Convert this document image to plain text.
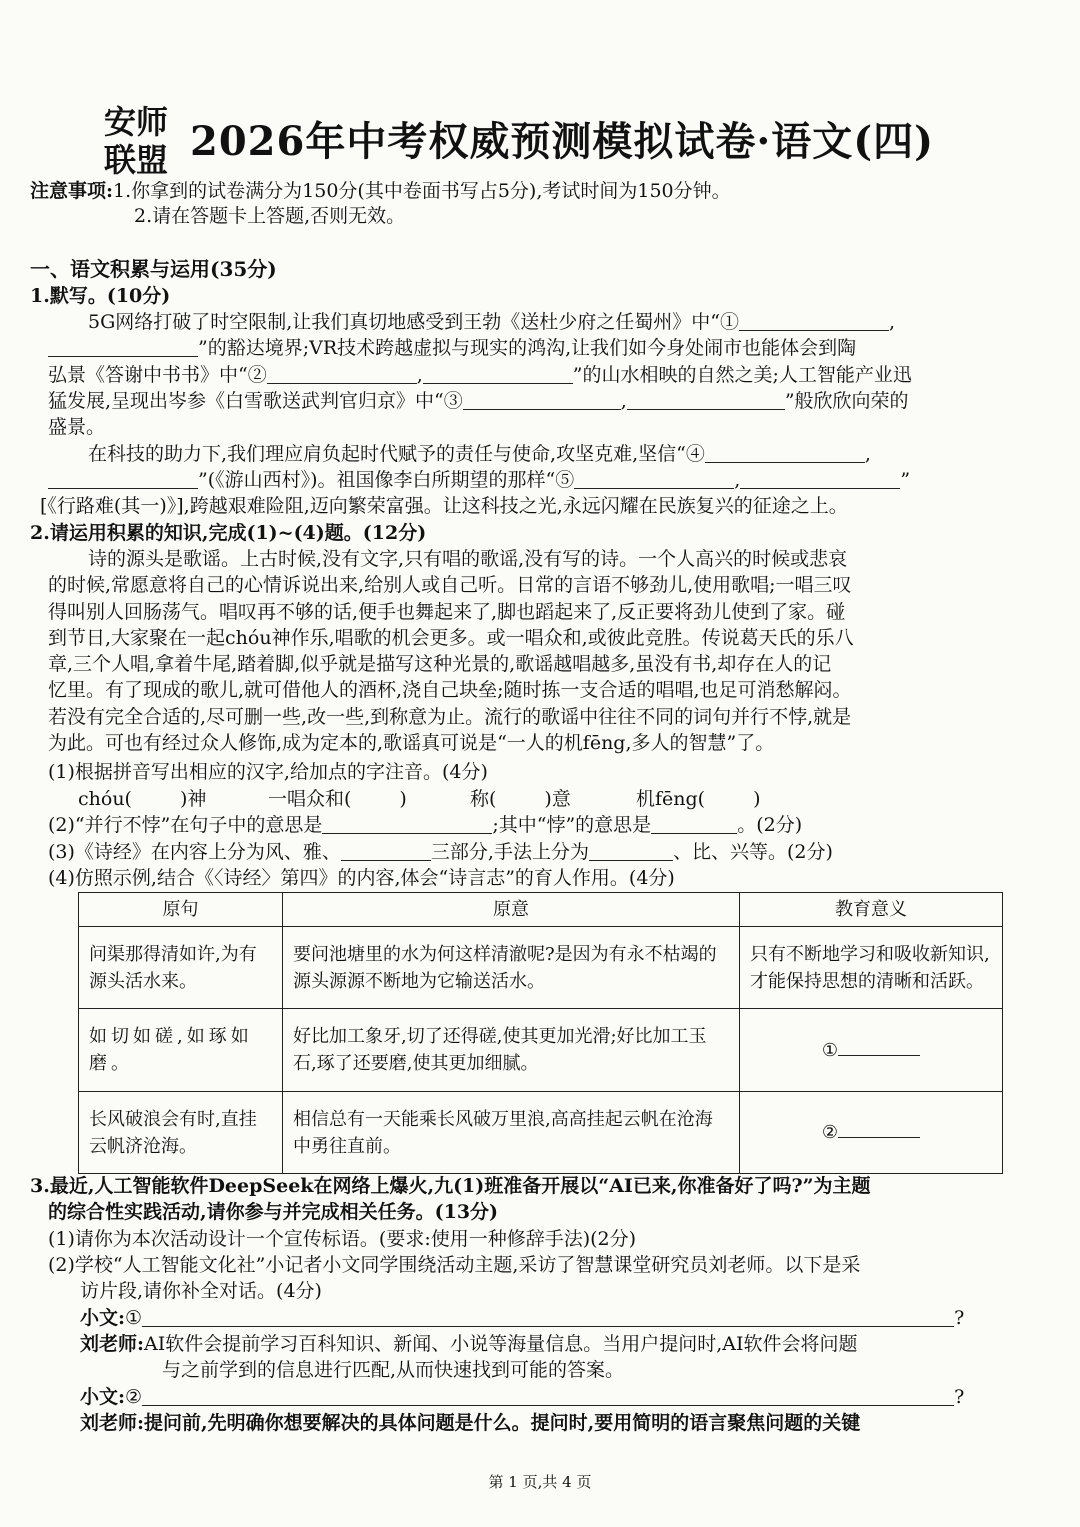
安师
联盟 2026年中考权威预测模拟试卷·语文(四)
注意事项:1.你拿到的试卷满分为150分(其中卷面书写占5分),考试时间为150分钟。
2.请在答题卡上答题,否则无效。
一、语文积累与运用(35分)
1.默写。(10分)
5G网络打破了时空限制,让我们真切地感受到王勃《送杜少府之任蜀州》中“①	,
”的豁达境界;VR技术跨越虚拟与现实的鸿沟,让我们如今身处闹市也能体会到陶
弘景《答谢中书书》中“②	,	”的山水相映的自然之美;人工智能产业迅
猛发展,呈现出岑参《白雪歌送武判官归京》中“③	,	”般欣欣向荣的
盛景。
在科技的助力下,我们理应肩负起时代赋予的责任与使命,攻坚克难,坚信“④	,
”(《游山西村》)。祖国像李白所期望的那样“⑤	,	”
[《行路难(其一)》],跨越艰难险阻,迈向繁荣富强。让这科技之光,永远闪耀在民族复兴的征途之上。
2.请运用积累的知识,完成(1)~(4)题。(12分)
诗的源头是歌谣。上古时候,没有文字,只有唱的歌谣,没有写的诗。一个人高兴的时候或悲哀
的时候,常愿意将自己的心情诉说出来,给别人或自己听。日常的言语不够劲儿,使用歌唱;一唱三叹
得叫别人回肠荡气。唱叹再不够的话,便手也舞起来了,脚也蹈起来了,反正要将劲儿使到了家。碰
到节日,大家聚在一起chóu神作乐,唱歌的机会更多。或一唱众和,或彼此竞胜。传说葛天氏的乐八
章,三个人唱,拿着牛尾,踏着脚,似乎就是描写这种光景的,歌谣越唱越多,虽没有书,却存在人的记
忆里。有了现成的歌儿,就可借他人的酒杯,浇自己块垒;随时拣一支合适的唱唱,也足可消愁解闷。
若没有完全合适的,尽可删一些,改一些,到称意为止。流行的歌谣中往往不同的词句并行不悖,就是
为此。可也有经过众人修饰,成为定本的,歌谣真可说是“一人的机fēng,多人的智慧”了。
(1)根据拼音写出相应的汉字,给加点的字注音。(4分)
chóu(	)神	一唱众和(	)	称(	)意	机fēng(	)
(2)“并行不悖”在句子中的意思是	;其中“悖”的意思是	。(2分)
(3)《诗经》在内容上分为风、雅、	三部分,手法上分为	、比、兴等。(2分)
(4)仿照示例,结合《〈诗经〉第四》的内容,体会“诗言志”的育人作用。(4分)
原句	原意	教育意义
问渠那得清如许,为有源头活水来。	要问池塘里的水为何这样清澈呢?是因为有永不枯竭的源头源源不断地为它输送活水。	只有不断地学习和吸收新知识,才能保持思想的清晰和活跃。
如切如磋,如琢如磨。	好比加工象牙,切了还得磋,使其更加光滑;好比加工玉石,琢了还要磨,使其更加细腻。	①
长风破浪会有时,直挂云帆济沧海。	相信总有一天能乘长风破万里浪,高高挂起云帆在沧海中勇往直前。	②
3.最近,人工智能软件DeepSeek在网络上爆火,九(1)班准备开展以“AI已来,你准备好了吗?”为主题
的综合性实践活动,请你参与并完成相关任务。(13分)
(1)请你为本次活动设计一个宣传标语。(要求:使用一种修辞手法)(2分)
(2)学校“人工智能文化社”小记者小文同学围绕活动主题,采访了智慧课堂研究员刘老师。以下是采
访片段,请你补全对话。(4分)
小文:①	?
刘老师:AI软件会提前学习百科知识、新闻、小说等海量信息。当用户提问时,AI软件会将问题
与之前学到的信息进行匹配,从而快速找到可能的答案。
小文:②	?
刘老师:提问前,先明确你想要解决的具体问题是什么。提问时,要用简明的语言聚焦问题的关键
第 1 页,共 4 页
